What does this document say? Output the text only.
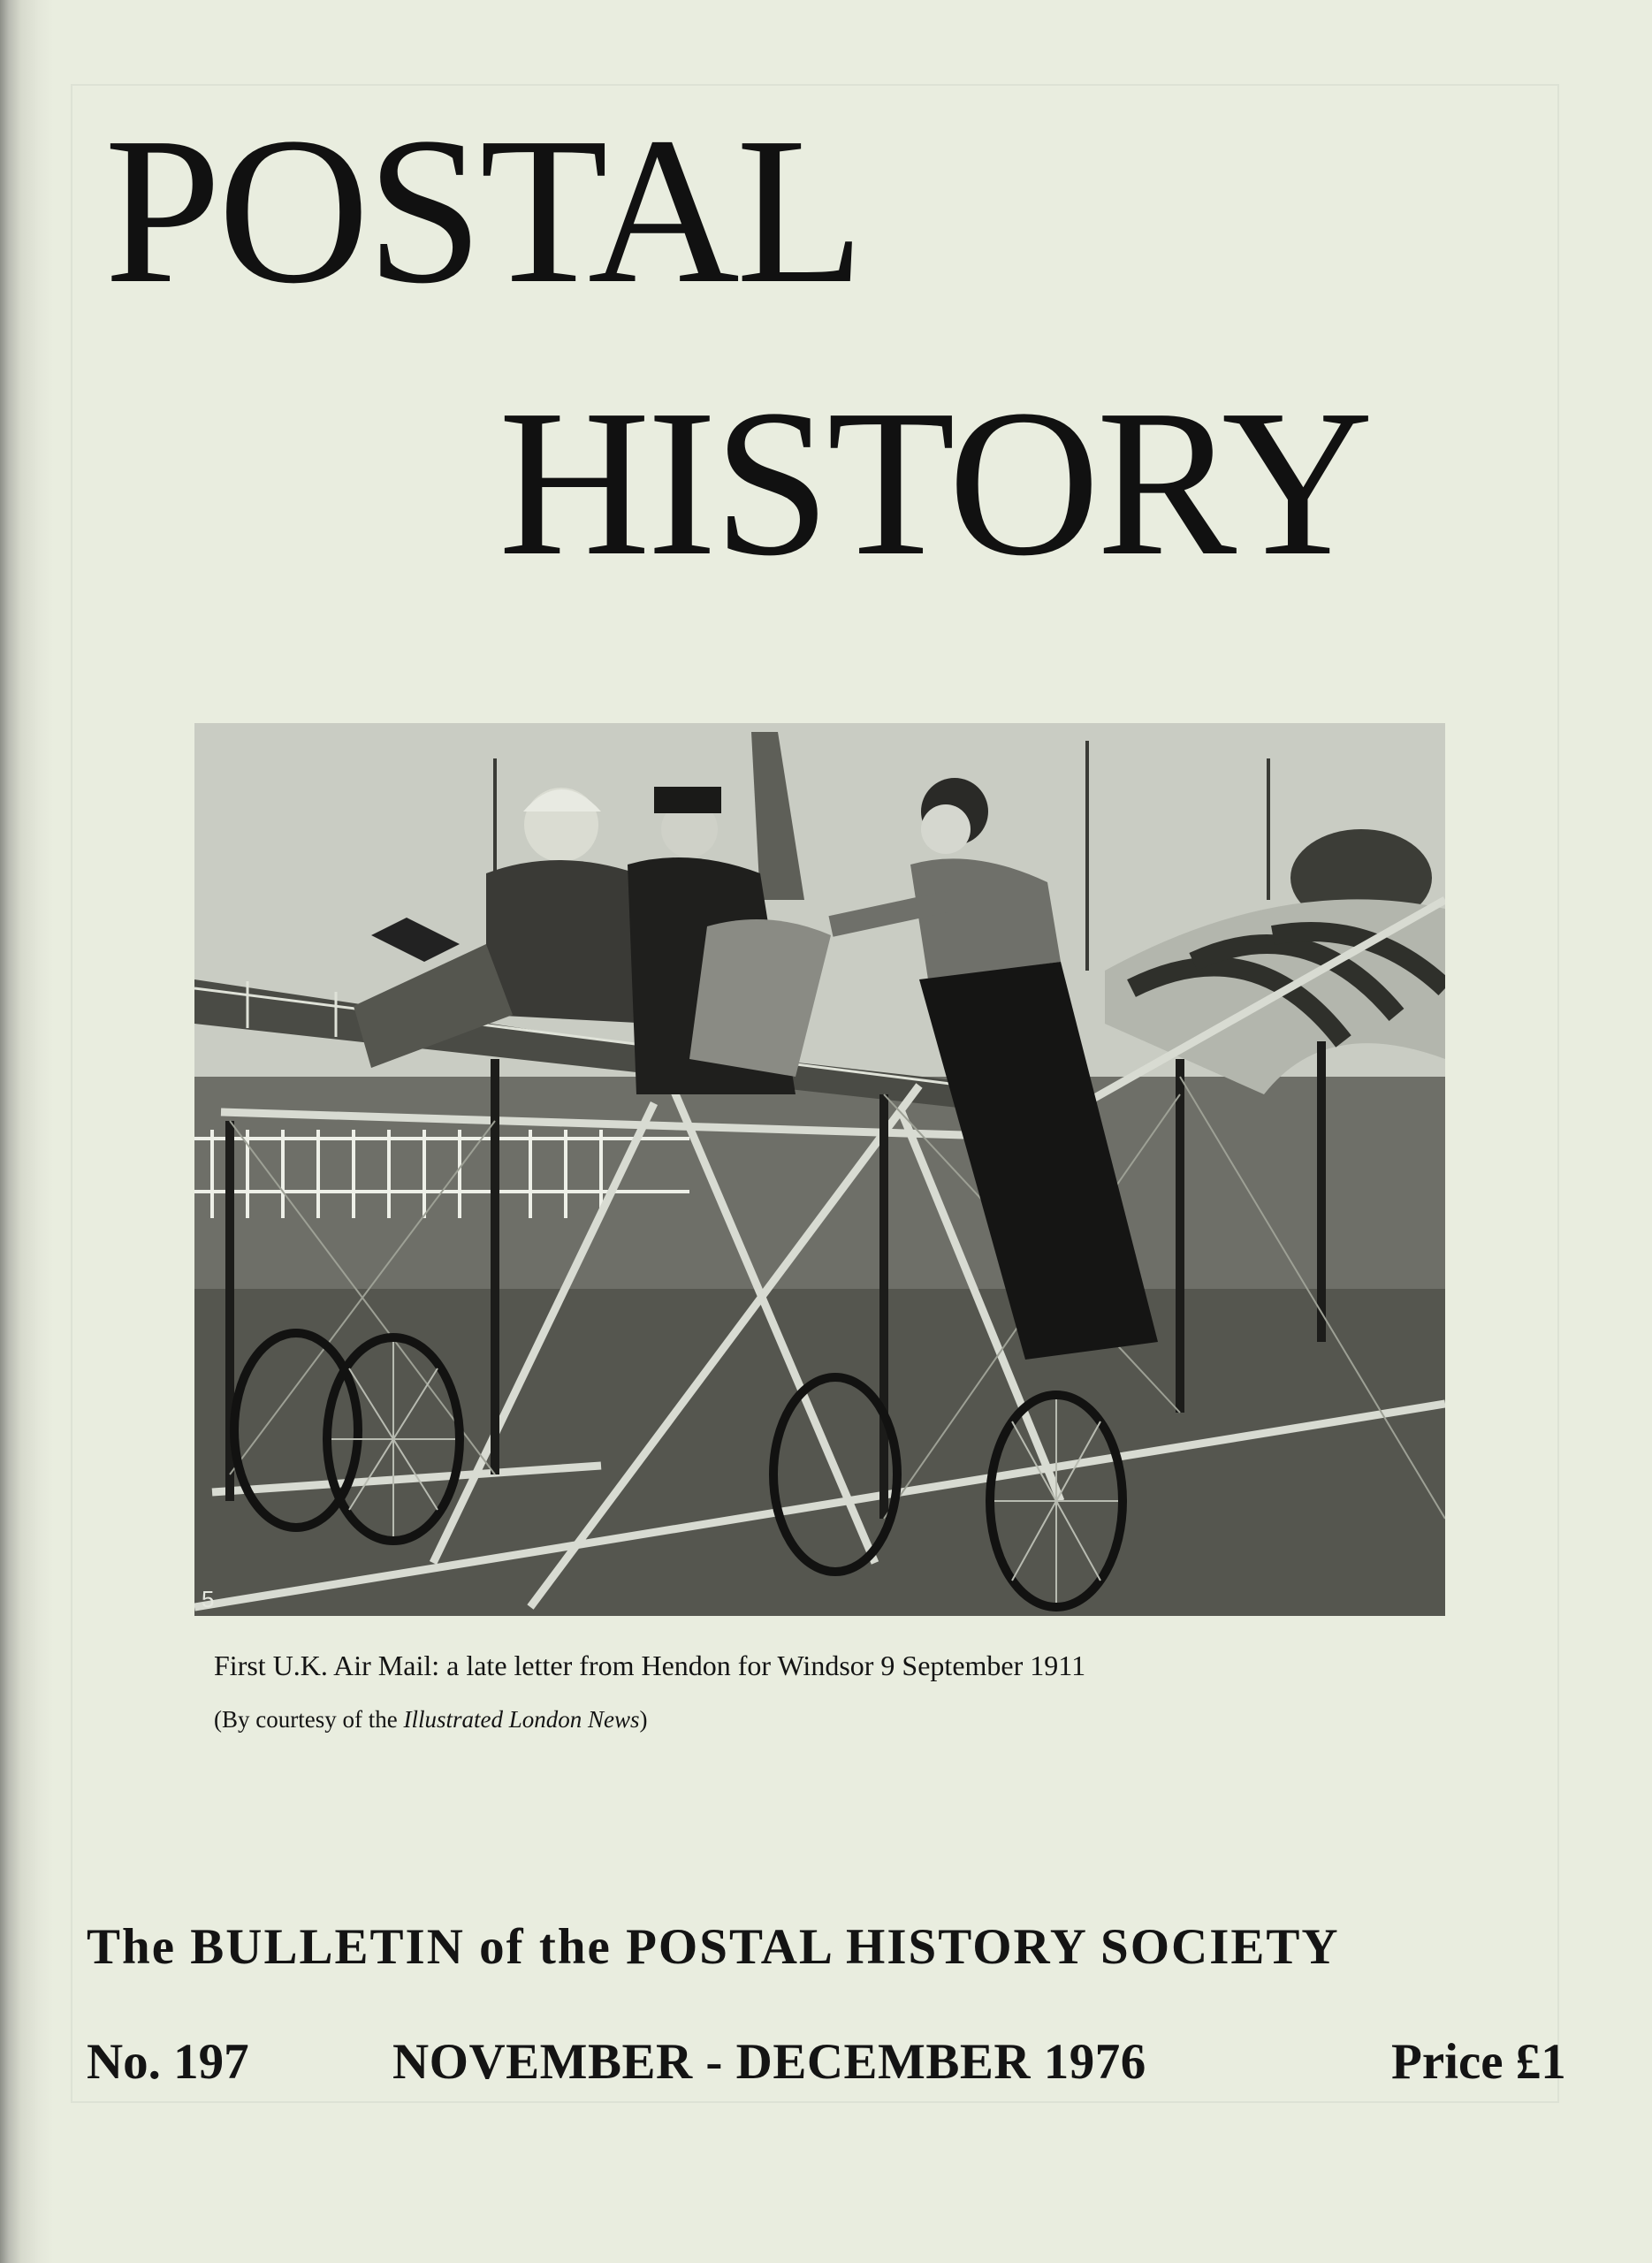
POSTAL
HISTORY
5
First U.K. Air Mail: a late letter from Hendon for Windsor 9 September 1911
(By courtesy of the Illustrated London News)
The BULLETIN of the POSTAL HISTORY SOCIETY
No. 197	NOVEMBER - DECEMBER 1976	Price £1
